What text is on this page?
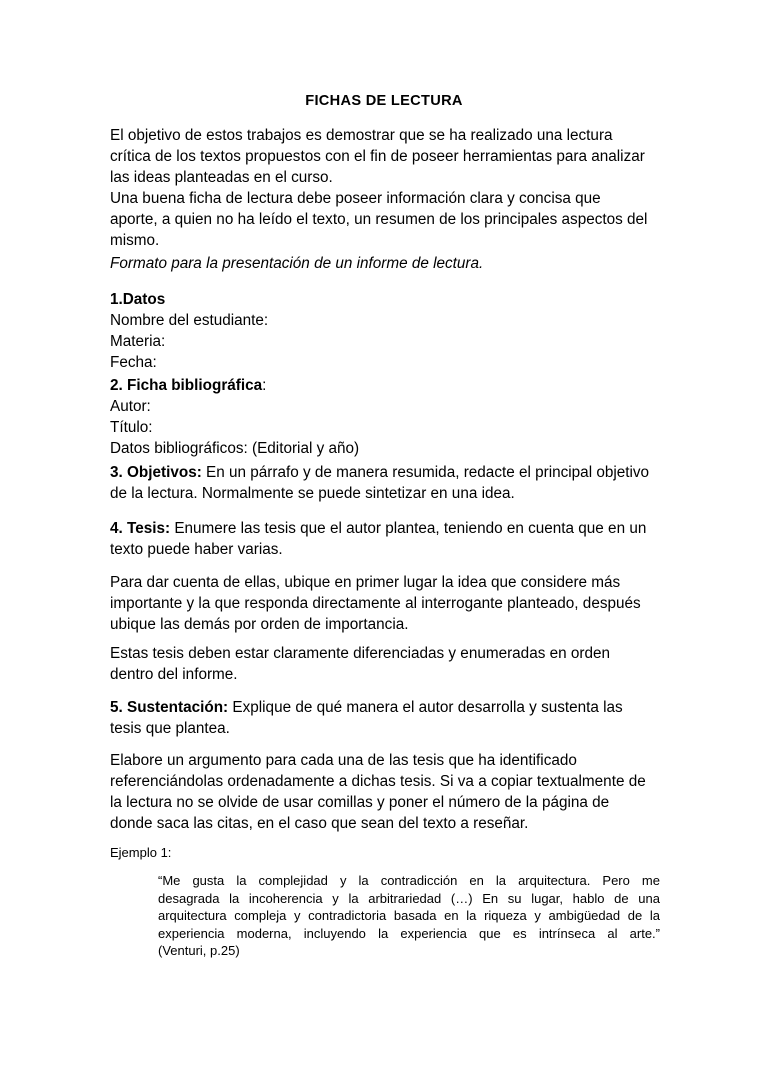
FICHAS DE LECTURA
El objetivo de estos trabajos es demostrar que se ha realizado una lectura
crítica de los textos propuestos con el fin de poseer herramientas para analizar
las ideas planteadas en el curso.
Una buena ficha de lectura debe poseer información clara y concisa que
aporte, a quien no ha leído el texto, un resumen de los principales aspectos del
mismo.
Formato para la presentación de un informe de lectura.
1.Datos
Nombre del estudiante:
Materia:
Fecha:
2. Ficha bibliográfica:
Autor:
Título:
Datos bibliográficos: (Editorial y año)
3. Objetivos: En un párrafo y de manera resumida, redacte el principal objetivo
de la lectura. Normalmente se puede sintetizar en una idea.
4. Tesis: Enumere las tesis que el autor plantea, teniendo en cuenta que en un
texto puede haber varias.
Para dar cuenta de ellas, ubique en primer lugar la idea que considere más
importante y la que responda directamente al interrogante planteado, después
ubique las demás por orden de importancia.
Estas tesis deben estar claramente diferenciadas y enumeradas en orden
dentro del informe.
5. Sustentación: Explique de qué manera el autor desarrolla y sustenta las
tesis que plantea.
Elabore un argumento para cada una de las tesis que ha identificado
referenciándolas ordenadamente a dichas tesis. Si va a copiar textualmente de
la lectura no se olvide de usar comillas y poner el número de la página de
donde saca las citas, en el caso que sean del texto a reseñar.
Ejemplo 1:
“Me gusta la complejidad y la contradicción en la arquitectura. Pero me
desagrada la incoherencia y la arbitrariedad (…) En su lugar, hablo de una
arquitectura compleja y contradictoria basada en la riqueza y ambigüedad de la
experiencia moderna, incluyendo la experiencia que es intrínseca al arte.”
(Venturi, p.25)
